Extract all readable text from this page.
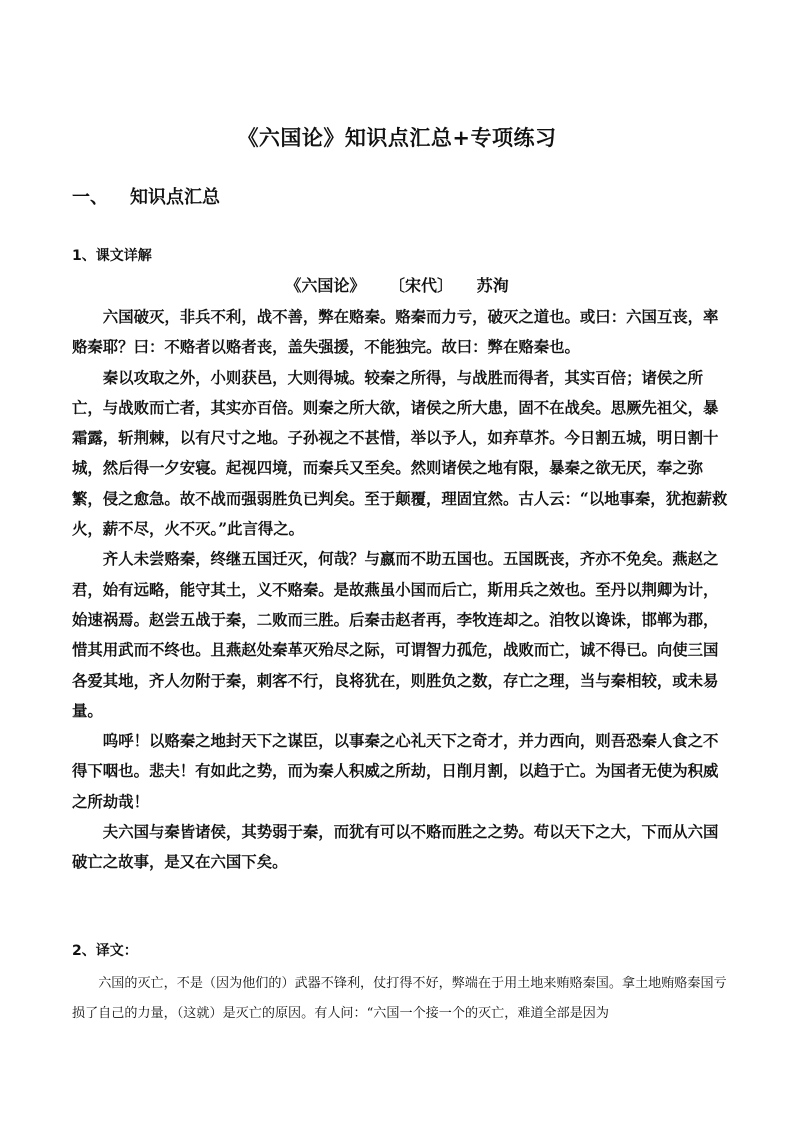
《六国论》知识点汇总+专项练习
一、 知识点汇总
1、课文详解
《六国论》 〔宋代〕 苏洵

六国破灭，非兵不利，战不善，弊在赂秦。赂秦而力亏，破灭之道也。或曰：六国互丧，率赂秦耶？曰：不赂者以赂者丧，盖失强援，不能独完。故曰：弊在赂秦也。

秦以攻取之外，小则获邑，大则得城。较秦之所得，与战胜而得者，其实百倍；诸侯之所亡，与战败而亡者，其实亦百倍。则秦之所大欲，诸侯之所大患，固不在战矣。思厥先祖父，暴霜露，斩荆棘，以有尺寸之地。子孙视之不甚惜，举以予人，如弃草芥。今日割五城，明日割十城，然后得一夕安寝。起视四境，而秦兵又至矣。然则诸侯之地有限，暴秦之欲无厌，奉之弥繁，侵之愈急。故不战而强弱胜负已判矣。至于颠覆，理固宜然。古人云：“以地事秦，犹抱薪救火，薪不尽，火不灭。”此言得之。

齐人未尝赂秦，终继五国迁灭，何哉？与嬴而不助五国也。五国既丧，齐亦不免矣。燕赵之君，始有远略，能守其土，义不赂秦。是故燕虽小国而后亡，斯用兵之效也。至丹以荆卿为计，始速祸焉。赵尝五战于秦，二败而三胜。后秦击赵者再，李牧连却之。洎牧以谗诛，邯郸为郡，惜其用武而不终也。且燕赵处秦革灭殆尽之际，可谓智力孤危，战败而亡，诚不得已。向使三国各爱其地，齐人勿附于秦，刺客不行，良将犹在，则胜负之数，存亡之理，当与秦相较，或未易量。

呜呼！以赂秦之地封天下之谋臣，以事秦之心礼天下之奇才，并力西向，则吾恐秦人食之不得下咽也。悲夫！有如此之势，而为秦人积威之所劫，日削月割，以趋于亡。为国者无使为积威之所劫哉！

夫六国与秦皆诸侯，其势弱于秦，而犹有可以不赂而胜之之势。苟以天下之大，下而从六国破亡之故事，是又在六国下矣。

2、译文：

六国的灭亡，不是（因为他们的）武器不锋利，仗打得不好，弊端在于用土地来贿赂秦国。拿土地贿赂秦国亏损了自己的力量，（这就）是灭亡的原因。有人问：“六国一个接一个的灭亡，难道全部是因为
